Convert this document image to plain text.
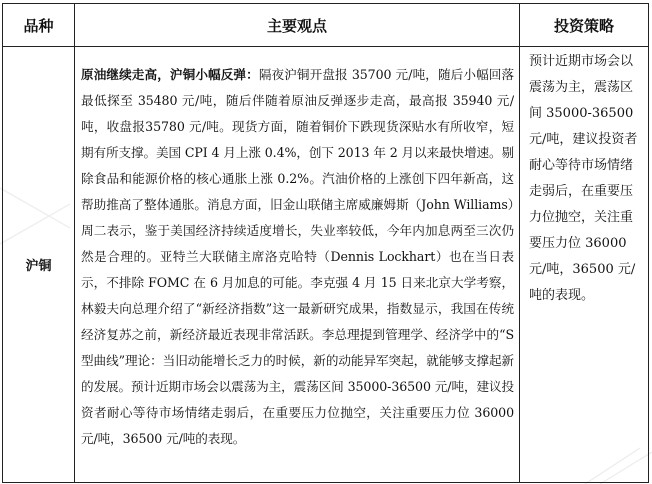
品种	主要观点	投资策略
沪铜	原油继续走高，沪铜小幅反弹：隔夜沪铜开盘报 35700 元/吨，随后小幅回落最低探至 35480 元/吨，随后伴随着原油反弹逐步走高，最高报 35940 元/吨，收盘报35780 元/吨。现货方面，随着铜价下跌现货深贴水有所收窄，短期有所支撑。美国 CPI 4 月上涨 0.4%，创下 2013 年 2 月以来最快增速。剔除食品和能源价格的核心通胀上涨 0.2%。汽油价格的上涨创下四年新高，这帮助推高了整体通胀。消息方面，旧金山联储主席威廉姆斯（John Williams）周二表示，鉴于美国经济持续适度增长，失业率较低，今年内加息两至三次仍然是合理的。亚特兰大联储主席洛克哈特（Dennis Lockhart）也在当日表示，不排除 FOMC 在 6 月加息的可能。李克强 4 月 15 日来北京大学考察，林毅夫向总理介绍了“新经济指数”这一最新研究成果，指数显示，我国在传统经济复苏之前，新经济最近表现非常活跃。李总理提到管理学、经济学中的“S 型曲线”理论：当旧动能增长乏力的时候，新的动能异军突起，就能够支撑起新的发展。预计近期市场会以震荡为主，震荡区间 35000-36500 元/吨，建议投资者耐心等待市场情绪走弱后，在重要压力位抛空，关注重要压力位 36000 元/吨，36500 元/吨的表现。	预计近期市场会以震荡为主，震荡区间 35000-36500 元/吨，建议投资者耐心等待市场情绪走弱后，在重要压力位抛空，关注重要压力位 36000 元/吨，36500 元/吨的表现。
